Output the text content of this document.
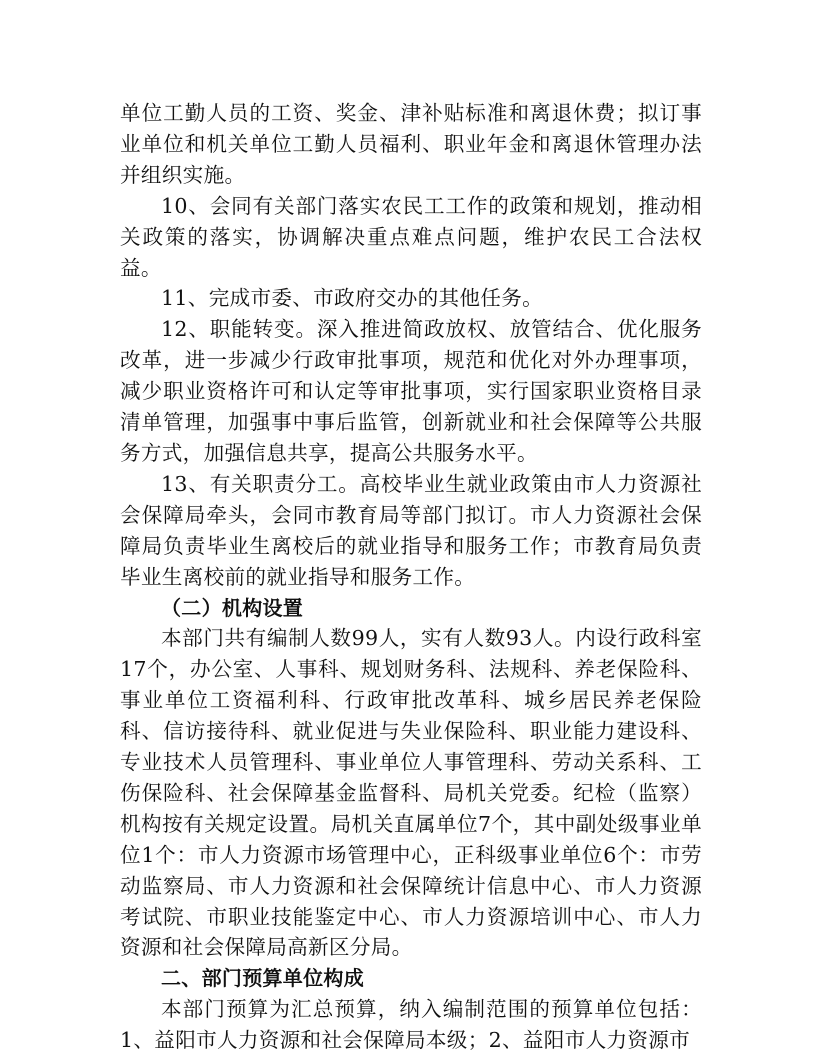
单位工勤人员的工资、奖金、津补贴标准和离退休费；拟订事业单位和机关单位工勤人员福利、职业年金和离退休管理办法并组织实施。

10、会同有关部门落实农民工工作的政策和规划，推动相关政策的落实，协调解决重点难点问题，维护农民工合法权益。

11、完成市委、市政府交办的其他任务。

12、职能转变。深入推进简政放权、放管结合、优化服务改革，进一步减少行政审批事项，规范和优化对外办理事项，减少职业资格许可和认定等审批事项，实行国家职业资格目录清单管理，加强事中事后监管，创新就业和社会保障等公共服务方式，加强信息共享，提高公共服务水平。

13、有关职责分工。高校毕业生就业政策由市人力资源社会保障局牵头，会同市教育局等部门拟订。市人力资源社会保障局负责毕业生离校后的就业指导和服务工作；市教育局负责毕业生离校前的就业指导和服务工作。

（二）机构设置

本部门共有编制人数99人，实有人数93人。内设行政科室17个，办公室、人事科、规划财务科、法规科、养老保险科、事业单位工资福利科、行政审批改革科、城乡居民养老保险科、信访接待科、就业促进与失业保险科、职业能力建设科、专业技术人员管理科、事业单位人事管理科、劳动关系科、工伤保险科、社会保障基金监督科、局机关党委。纪检（监察）机构按有关规定设置。局机关直属单位7个，其中副处级事业单位1个：市人力资源市场管理中心，正科级事业单位6个：市劳动监察局、市人力资源和社会保障统计信息中心、市人力资源考试院、市职业技能鉴定中心、市人力资源培训中心、市人力资源和社会保障局高新区分局。

二、部门预算单位构成

本部门预算为汇总预算，纳入编制范围的预算单位包括：1、益阳市人力资源和社会保障局本级；2、益阳市人力资源市
